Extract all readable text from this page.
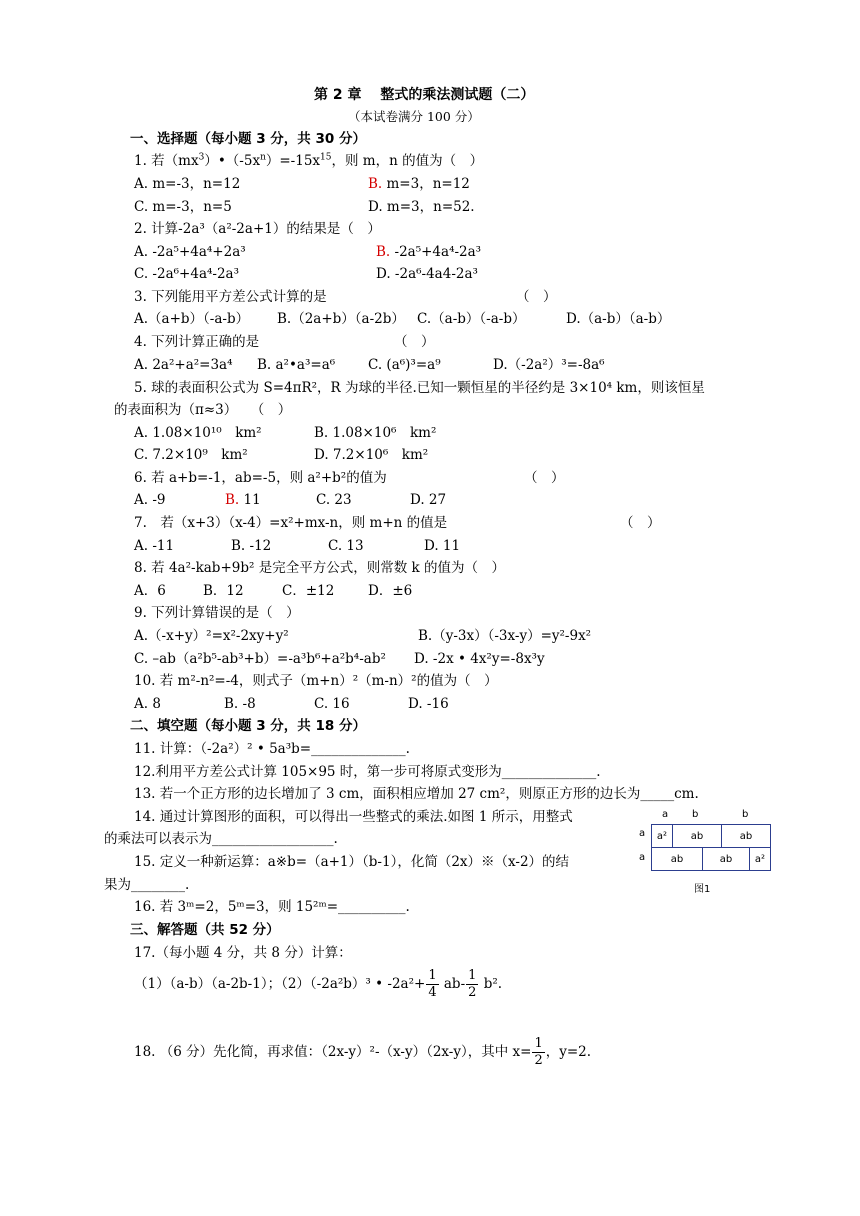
第 2 章　 整式的乘法测试题（二）
（本试卷满分 100 分）
一、选择题（每小题 3 分，共 30 分）
1. 若$(mx^3)•(-5x^n)=-15x^{15}$，则 m，n 的值为（　）
A. m=-3，n=12	B. m=3，n=12
C. m=-3，n=5	D. m=3，n=52.
2. 计算-2a³（a²-2a+1）的结果是（　）
A. -2a⁵+4a⁴+2a³	B. -2a⁵+4a⁴-2a³
C. -2a⁶+4a⁴-2a³	D. -2a⁶-4a4-2a³
3. 下列能用平方差公式计算的是	（　）
A.（a+b）（-a-b） B.（2a+b）（a-2b） C.（a-b）（-a-b）	D.（a-b）（a-b）
4. 下列计算正确的是	（　）
A. 2a²+a²=3a⁴ B. a²•a³=a⁶ C. (a⁶)³=a⁹	D.（-2a²）³=-8a⁶
5. 球的表面积公式为 S=4πR²，R 为球的半径.已知一颗恒星的半径约是 3×10⁴ km，则该恒星
的表面积为（π≈3）　　（　）
A. 1.08×10¹⁰　km²	B. 1.08×10⁶　km²
C. 7.2×10⁹　km²	D. 7.2×10⁶　km²
6. 若 a+b=-1，ab=-5，则 a²+b²的值为	（　）
A. -9	B. 11	C. 23	D. 27
7.　若（x+3）（x-4）=x²+mx-n，则 m+n 的值是	（　）
A. -11	B. -12	C. 13	D. 11
8. 若 4a²-kab+9b² 是完全平方公式，则常数 k 的值为（　）
A．6	B．12	C．±12 D．±6
9. 下列计算错误的是（　）
A.（-x+y）²=x²-2xy+y²	B.（y-3x）（-3x-y）=y²-9x²
C. –ab（a²b⁵-ab³+b）=-a³b⁶+a²b⁴-ab² D. -2x • 4x²y=-8x³y
10. 若 m²-n²=-4，则式子（m+n）²（m-n）²的值为（　）
A. 8	B. -8	C. 16	D. -16
二、填空题（每小题 3 分，共 18 分）
11. 计算：（-2a²）² • 5a³b=______________.
12.利用平方差公式计算 105×95 时，第一步可将原式变形为______________.
13. 若一个正方形的边长增加了 3 cm，面积相应增加 27 cm²，则原正方形的边长为_____cm.
14. 通过计算图形的面积，可以得出一些整式的乘法.如图 1 所示，用整式
的乘法可以表示为__________________.
15. 定义一种新运算：a※b=（a+1）（b-1），化简（2x）※（x-2）的结
果为________.
16. 若 3ᵐ=2，5ᵐ=3，则 15²ᵐ=__________.
a b	b
a
a
a²	ab	ab
ab	ab	a²
图1
三、解答题（共 52 分）
17.（每小题 4 分，共 8 分）计算：
（1）（a-b）（a-2b-1）；（2）（-2a²b）³ • $-2a^2+ \frac{1}{4} ab- \frac{1}{2} b^2$.
18. （6 分）先化简，再求值：（2x-y）²-（x-y）（2x-y），其中 $x= \frac{1}{2}$ ，y=2.
